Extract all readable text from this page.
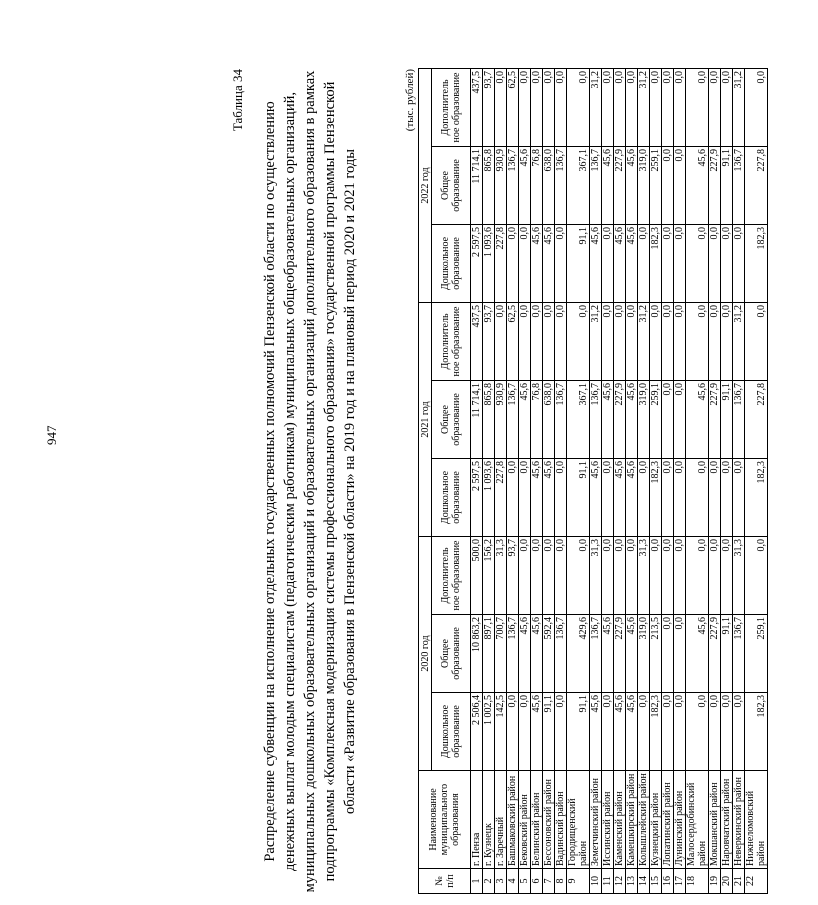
947
Таблица 34
Распределение субвенции на исполнение отдельных государственных полномочий Пензенской области по осуществлению денежных выплат молодым специалистам (педагогическим работникам) муниципальных общеобразовательных организаций, муниципальных дошкольных образовательных организаций и образовательных организаций дополнительного образования в рамках подпрограммы «Комплексная модернизация системы профессионального образования» государственной программы Пензенской области «Развитие образования в Пензенской области» на 2019 год и на плановый период 2020 и 2021 годы
(тыс. рублей)
№ п/п	Наименование муниципального образования	2020 год			2021 год			2022 год		
		Дошкольное образование	Общее образование	Дополнитель ное образование	Дошкольное образование	Общее образование	Дополнитель ное образование	Дошкольное образование	Общее образование	Дополнитель ное образование
1	г. Пенза	2 506,4	10 863,2	500,0	2 597,5	11 714,1	437,5	2 597,5	11 714,1	437,5
2	г. Кузнецк	1 002,5	897,1	156,2	1 093,6	865,8	93,7	1 093,6	865,8	93,7
3	г. Заречный	142,5	700,7	31,3	227,8	930,9	0,0	227,8	930,9	0,0
4	Башмаковский район	0,0	136,7	93,7	0,0	136,7	62,5	0,0	136,7	62,5
5	Бековский район	0,0	45,6	0,0	0,0	45,6	0,0	0,0	45,6	0,0
6	Белинский район	45,6	45,6	0,0	45,6	76,8	0,0	45,6	76,8	0,0
7	Бессоновский район	91,1	592,4	0,0	45,6	638,0	0,0	45,6	638,0	0,0
8	Вадинский район	0,0	136,7	0,0	0,0	136,7	0,0	0,0	136,7	0,0
9	Городищенский район	91,1	429,6	0,0	91,1	367,1	0,0	91,1	367,1	0,0
10	Земетчинский район	45,6	136,7	31,3	45,6	136,7	31,2	45,6	136,7	31,2
11	Иссинский район	0,0	45,6	0,0	0,0	45,6	0,0	0,0	45,6	0,0
12	Каменский район	45,6	227,9	0,0	45,6	227,9	0,0	45,6	227,9	0,0
13	Камешкирский район	45,6	45,6	0,0	45,6	45,6	0,0	45,6	45,6	0,0
14	Колышлейский район	0,0	319,0	31,3	0,0	319,0	31,2	0,0	319,0	31,2
15	Кузнецкий район	182,3	213,5	0,0	182,3	259,1	0,0	182,3	259,1	0,0
16	Лопатинский район	0,0	0,0	0,0	0,0	0,0	0,0	0,0	0,0	0,0
17	Лунинский район	0,0	0,0	0,0	0,0	0,0	0,0	0,0	0,0	0,0
18	Малосердобинский район	0,0	45,6	0,0	0,0	45,6	0,0	0,0	45,6	0,0
19	Мокшанский район	0,0	227,9	0,0	0,0	227,9	0,0	0,0	227,9	0,0
20	Наровчатский район	0,0	91,1	0,0	0,0	91,1	0,0	0,0	91,1	0,0
21	Неверкинский район	0,0	136,7	31,3	0,0	136,7	31,2	0,0	136,7	31,2
22	Нижнеломовский район	182,3	259,1	0,0	182,3	227,8	0,0	182,3	227,8	0,0
